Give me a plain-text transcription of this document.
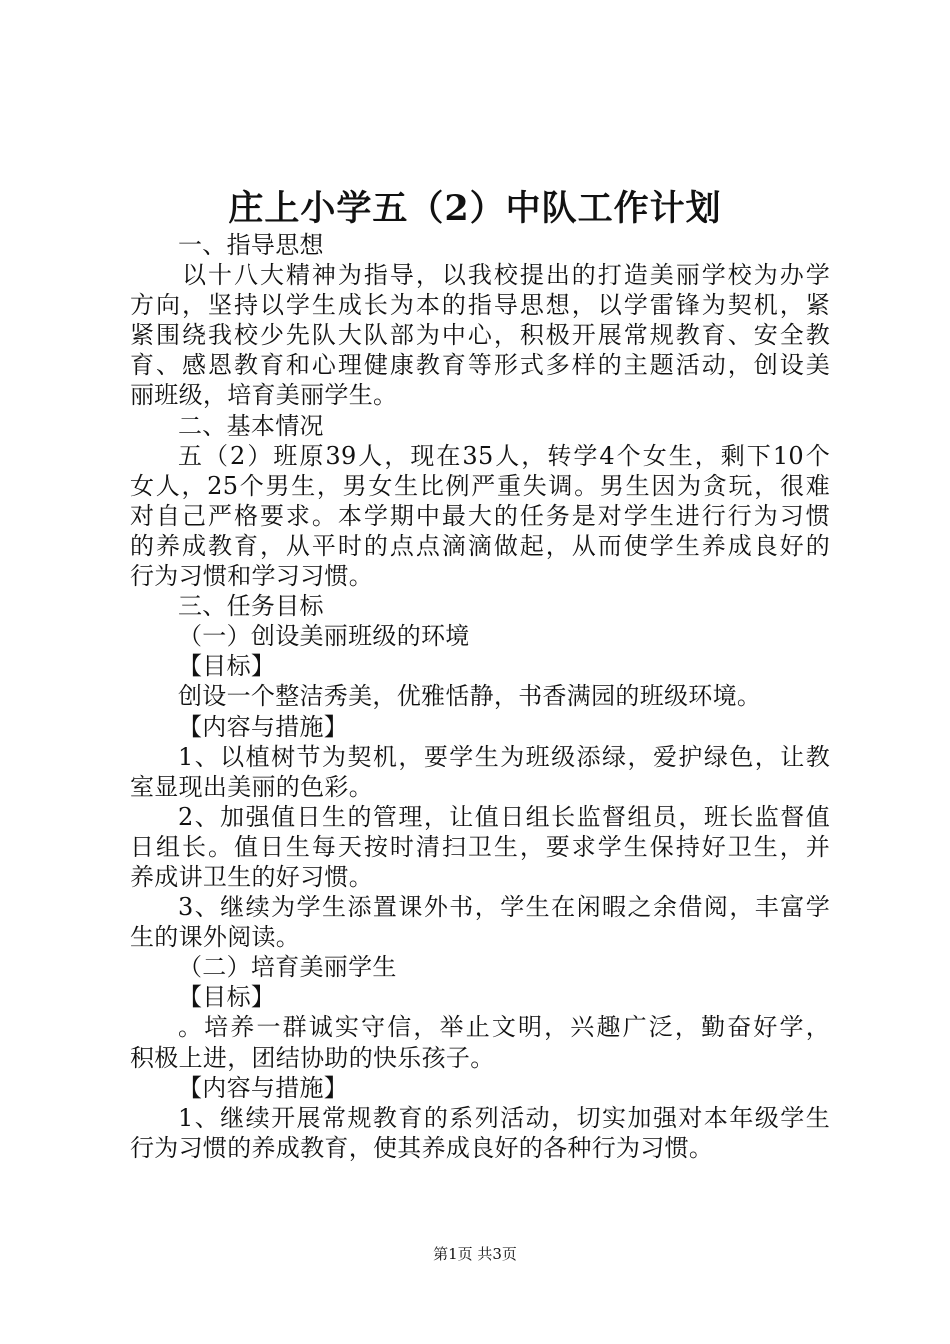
庄上小学五（2）中队工作计划
一、指导思想
以十八大精神为指导，以我校提出的打造美丽学校为办学
方向，坚持以学生成长为本的指导思想，以学雷锋为契机，紧
紧围绕我校少先队大队部为中心，积极开展常规教育、安全教
育、感恩教育和心理健康教育等形式多样的主题活动，创设美
丽班级，培育美丽学生。
二、基本情况
五（2）班原39人，现在35人，转学4个女生，剩下10个
女人，25个男生，男女生比例严重失调。男生因为贪玩，很难
对自己严格要求。本学期中最大的任务是对学生进行行为习惯
的养成教育，从平时的点点滴滴做起，从而使学生养成良好的
行为习惯和学习习惯。
三、任务目标
（一）创设美丽班级的环境
【目标】
创设一个整洁秀美，优雅恬静，书香满园的班级环境。
【内容与措施】
1、以植树节为契机，要学生为班级添绿，爱护绿色，让教
室显现出美丽的色彩。
2、加强值日生的管理，让值日组长监督组员，班长监督值
日组长。值日生每天按时清扫卫生，要求学生保持好卫生，并
养成讲卫生的好习惯。
3、继续为学生添置课外书，学生在闲暇之余借阅，丰富学
生的课外阅读。
（二）培育美丽学生
【目标】
。培养一群诚实守信，举止文明，兴趣广泛，勤奋好学，
积极上进，团结协助的快乐孩子。
【内容与措施】
1、继续开展常规教育的系列活动，切实加强对本年级学生
行为习惯的养成教育，使其养成良好的各种行为习惯。
第1页 共3页
